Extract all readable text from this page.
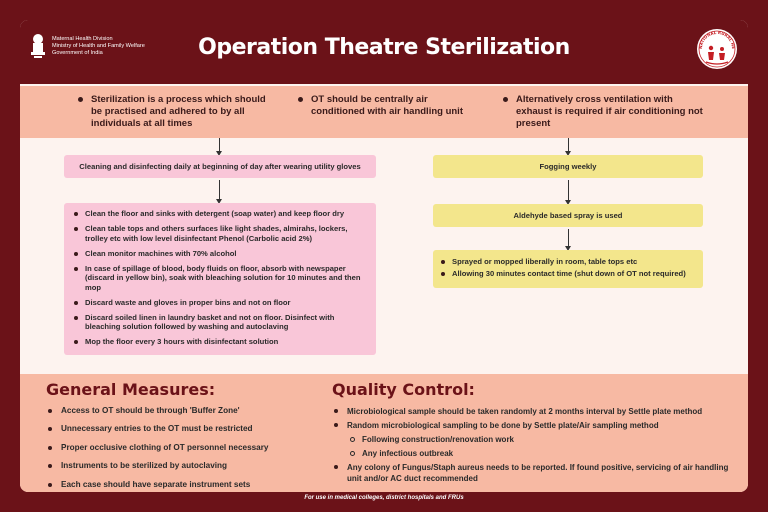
Maternal Health Division
Ministry of Health and Family Welfare
Government of India	Operation Theatre Sterilization	NATIONAL RURAL HE
Sterilization is a process which should be practised and adhered to by all individuals at all times
OT should be centrally air conditioned with air handling unit
Alternatively cross ventilation with exhaust is required if air conditioning not present
Cleaning and disinfecting daily at beginning of day after wearing utility gloves
Clean the floor and sinks with detergent (soap water) and keep floor dry
Clean table tops and others surfaces like light shades, almirahs, lockers, trolley etc with low level disinfectant Phenol (Carbolic acid 2%)
Clean monitor machines with 70% alcohol
In case of spillage of blood, body fluids on floor, absorb with newspaper (discard in yellow bin), soak with bleaching solution for 10 minutes and then mop
Discard waste and gloves in proper bins and not on floor
Discard soiled linen in laundry basket and not on floor. Disinfect with bleaching solution followed by washing and autoclaving
Mop the floor every 3 hours with disinfectant solution
Fogging weekly
Aldehyde based spray is used
Sprayed or mopped liberally in room, table tops etc
Allowing 30 minutes contact time (shut down of OT not required)
General Measures:
Access to OT should be through 'Buffer Zone'
Unnecessary entries to the OT must be restricted
Proper occlusive clothing of OT personnel necessary
Instruments to be sterilized by autoclaving
Each case should have separate instrument sets
Quality Control:
Microbiological sample should be taken randomly at 2 months interval by Settle plate method
Random microbiological sampling to be done by Settle plate/Air sampling method
Following construction/renovation work
Any infectious outbreak
Any colony of Fungus/Staph aureus needs to be reported. If found positive, servicing of air handling unit and/or AC duct recommended
For use in medical colleges, district hospitals and FRUs
